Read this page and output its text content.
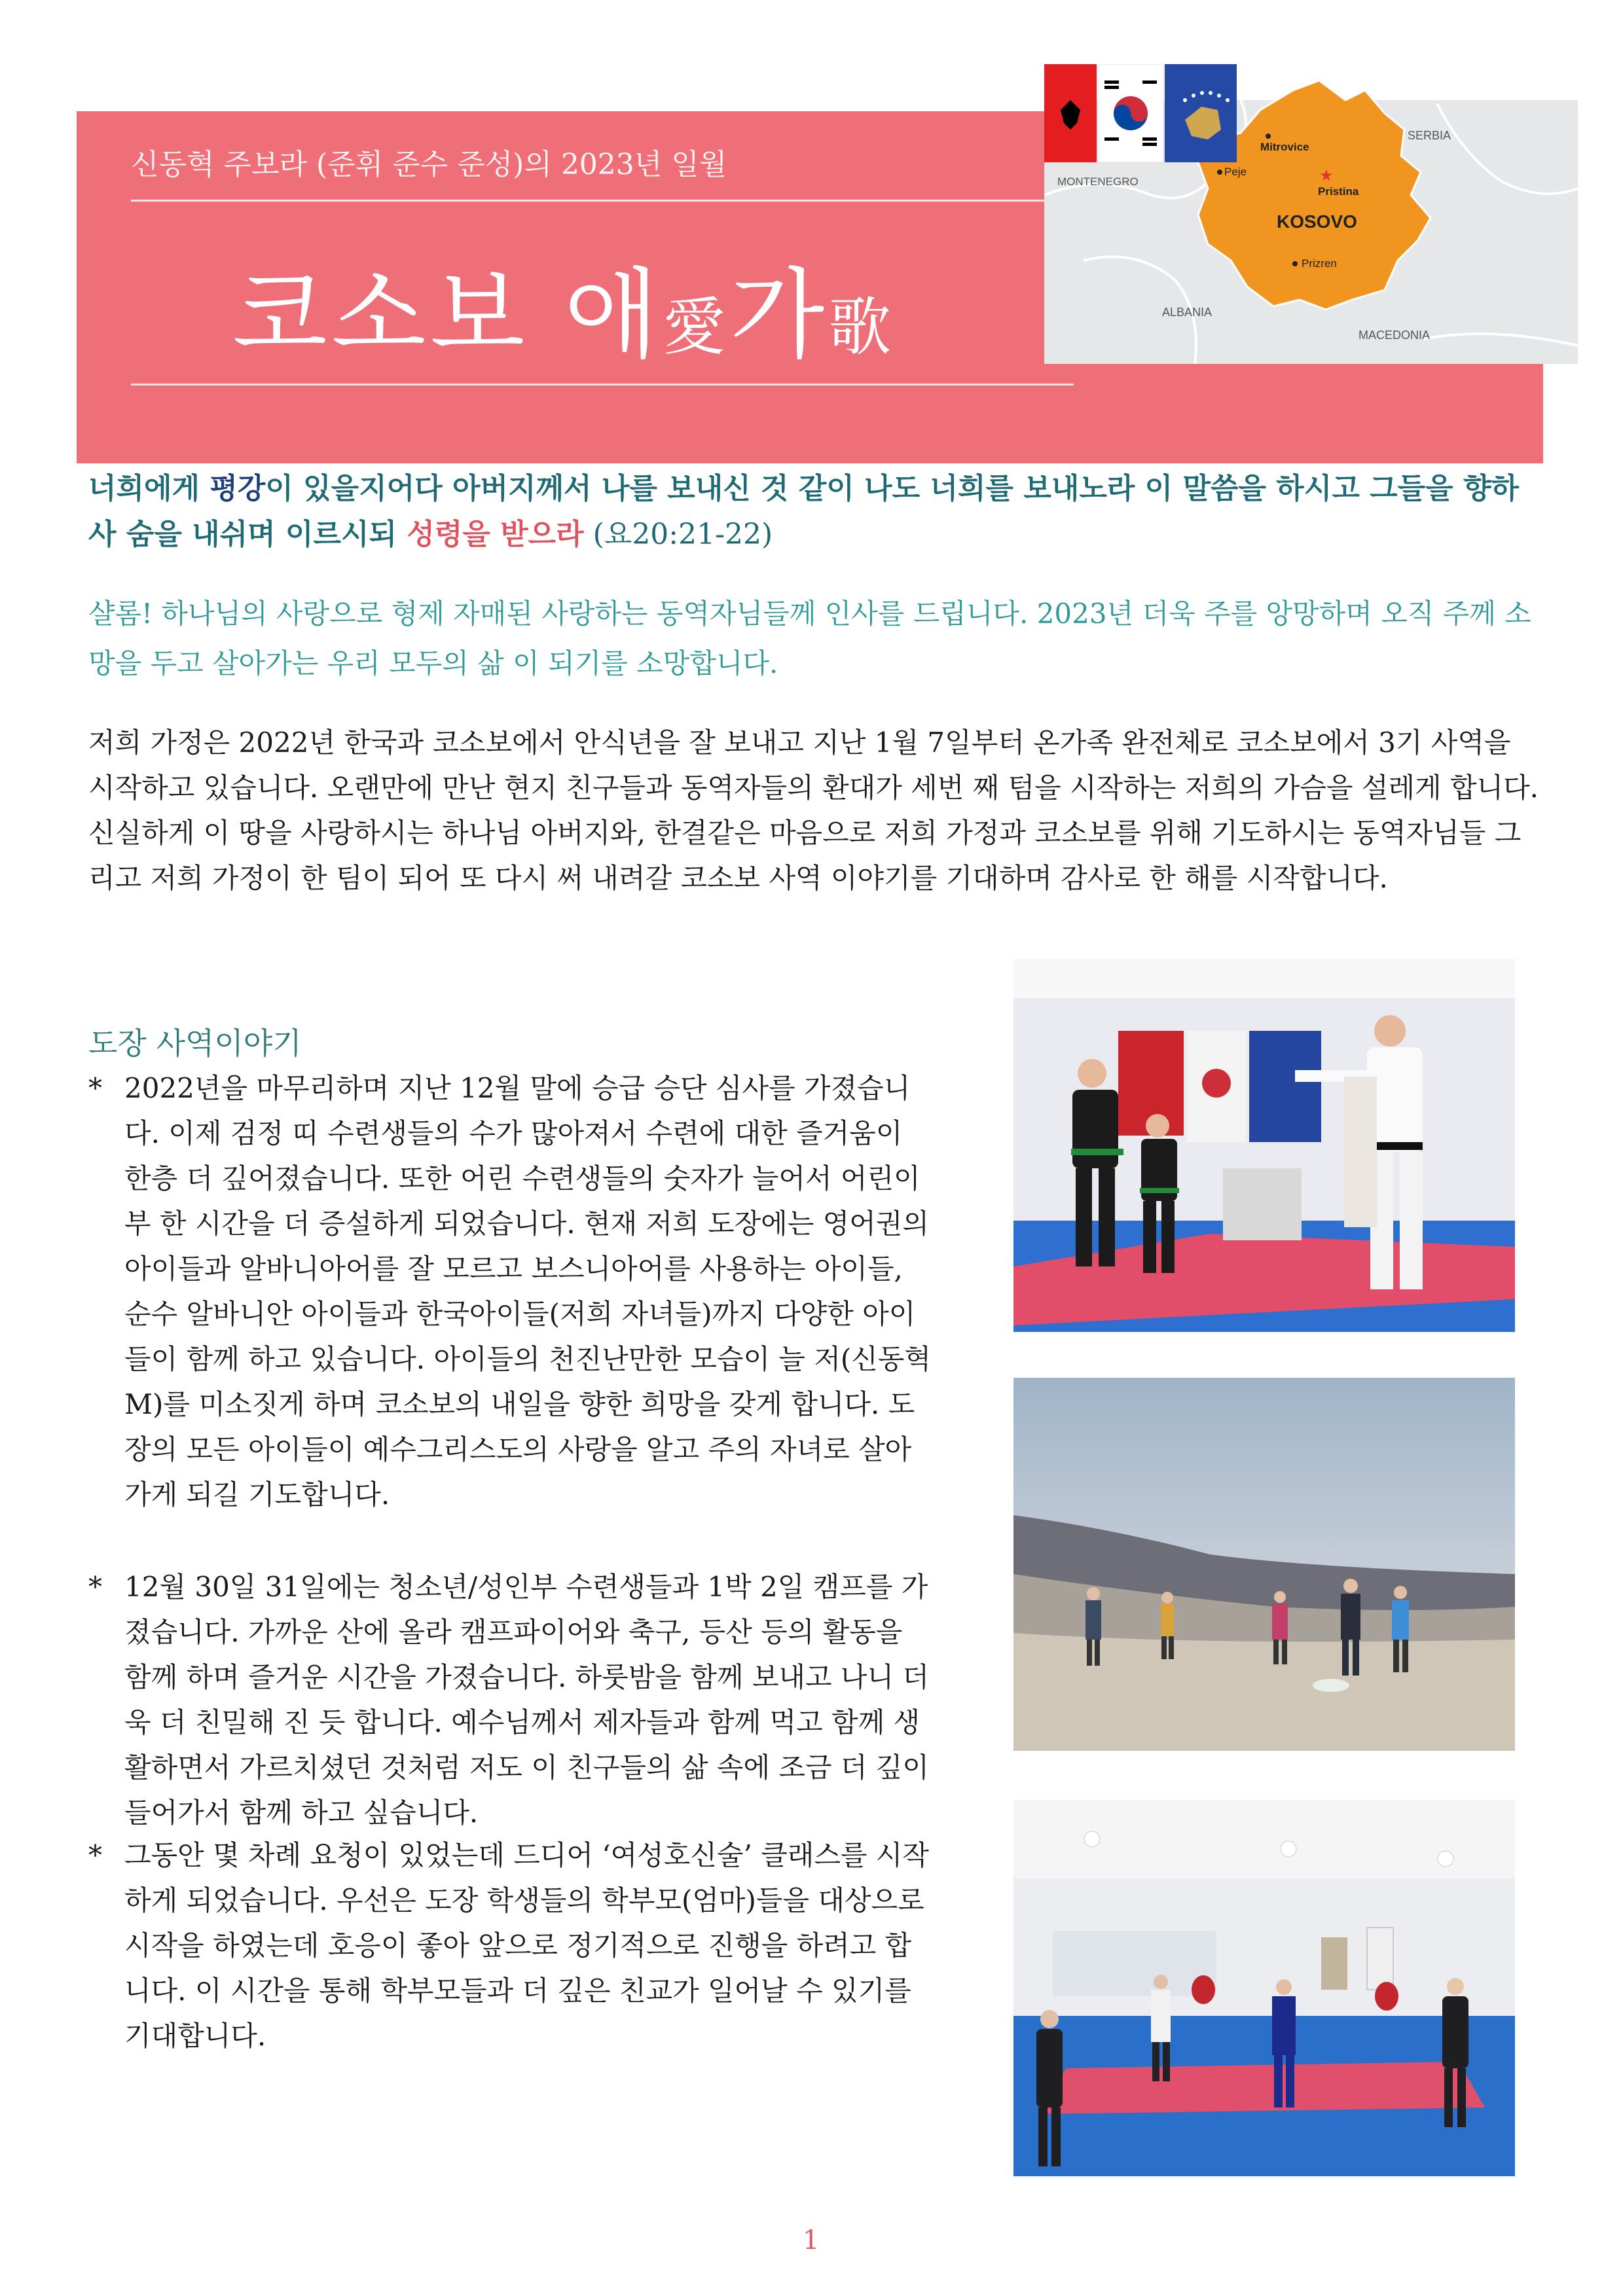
신동혁 주보라 (준휘 준수 준성)의 2023년 일월
코소보 애愛가歌
SERBIA
MONTENEGRO
Mitrovice
Peje	★
Pristina
KOSOVO
Prizren
ALBANIA
MACEDONIA
너희에게 평강이 있을지어다 아버지께서 나를 보내신 것 같이 나도 너희를 보내노라 이 말씀을 하시고 그들을 향하사 숨을 내쉬며 이르시되 성령을 받으라 (요20:21-22)
샬롬! 하나님의 사랑으로 형제 자매된 사랑하는 동역자님들께 인사를 드립니다. 2023년 더욱 주를 앙망하며 오직 주께 소망을 두고 살아가는 우리 모두의 삶 이 되기를 소망합니다.
저희 가정은 2022년 한국과 코소보에서 안식년을 잘 보내고 지난 1월 7일부터 온가족 완전체로 코소보에서 3기 사역을 시작하고 있습니다. 오랜만에 만난 현지 친구들과 동역자들의 환대가 세번 째 텀을 시작하는 저희의 가슴을 설레게 합니다. 신실하게 이 땅을 사랑하시는 하나님 아버지와, 한결같은 마음으로 저희 가정과 코소보를 위해 기도하시는 동역자님들 그리고 저희 가정이 한 팀이 되어 또 다시 써 내려갈 코소보 사역 이야기를 기대하며 감사로 한 해를 시작합니다.
도장 사역이야기
* 2022년을 마무리하며 지난 12월 말에 승급 승단 심사를 가졌습니다. 이제 검정 띠 수련생들의 수가 많아져서 수련에 대한 즐거움이 한층 더 깊어졌습니다. 또한 어린 수련생들의 숫자가 늘어서 어린이부 한 시간을 더 증설하게 되었습니다. 현재 저희 도장에는 영어권의 아이들과 알바니아어를 잘 모르고 보스니아어를 사용하는 아이들, 순수 알바니안 아이들과 한국아이들(저희 자녀들)까지 다양한 아이들이 함께 하고 있습니다. 아이들의 천진난만한 모습이 늘 저(신동혁M)를 미소짓게 하며 코소보의 내일을 향한 희망을 갖게 합니다. 도장의 모든 아이들이 예수그리스도의 사랑을 알고 주의 자녀로 살아가게 되길 기도합니다.
* 12월 30일 31일에는 청소년/성인부 수련생들과 1박 2일 캠프를 가졌습니다. 가까운 산에 올라 캠프파이어와 축구, 등산 등의 활동을 함께 하며 즐거운 시간을 가졌습니다. 하룻밤을 함께 보내고 나니 더욱 더 친밀해 진 듯 합니다. 예수님께서 제자들과 함께 먹고 함께 생활하면서 가르치셨던 것처럼 저도 이 친구들의 삶 속에 조금 더 깊이 들어가서 함께 하고 싶습니다.
* 그동안 몇 차례 요청이 있었는데 드디어 ‘여성호신술’ 클래스를 시작하게 되었습니다. 우선은 도장 학생들의 학부모(엄마)들을 대상으로 시작을 하였는데 호응이 좋아 앞으로 정기적으로 진행을 하려고 합니다. 이 시간을 통해 학부모들과 더 깊은 친교가 일어날 수 있기를 기대합니다.
1
